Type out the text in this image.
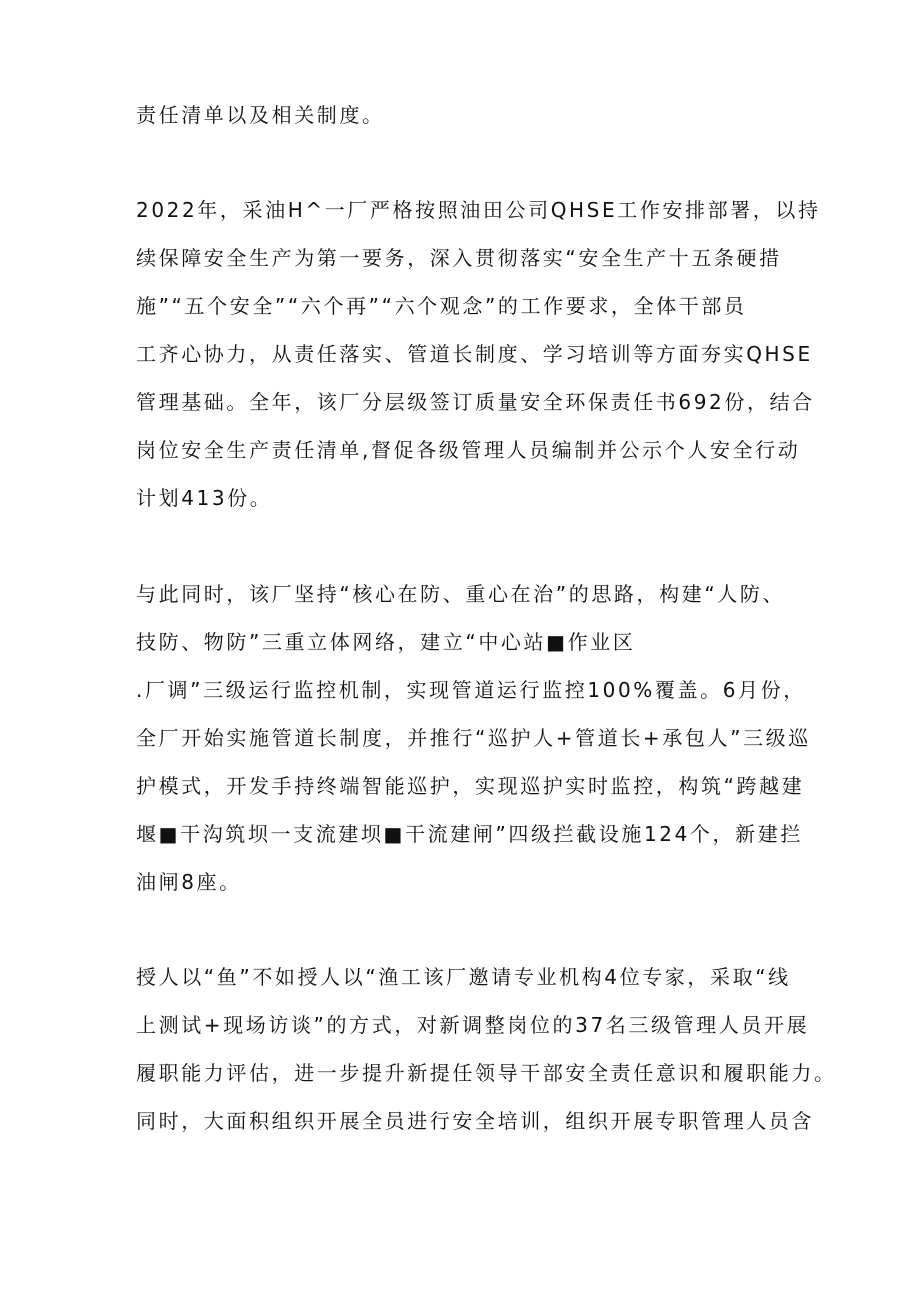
责任清单以及相关制度。
2022年，采油H^一厂严格按照油田公司QHSE工作安排部署，以持
续保障安全生产为第一要务，深入贯彻落实“安全生产十五条硬措
施”“五个安全”“六个再”“六个观念”的工作要求，全体干部员
工齐心协力，从责任落实、管道长制度、学习培训等方面夯实QHSE
管理基础。全年，该厂分层级签订质量安全环保责任书692份，结合
岗位安全生产责任清单,督促各级管理人员编制并公示个人安全行动
计划413份。
与此同时，该厂坚持“核心在防、重心在治”的思路，构建“人防、
技防、物防”三重立体网络，建立“中心站■作业区
.厂调”三级运行监控机制，实现管道运行监控100%覆盖。6月份，
全厂开始实施管道长制度，并推行“巡护人+管道长+承包人”三级巡
护模式，开发手持终端智能巡护，实现巡护实时监控，构筑“跨越建
堰■干沟筑坝一支流建坝■干流建闸”四级拦截设施124个，新建拦
油闸8座。
授人以“鱼”不如授人以“渔工该厂邀请专业机构4位专家，采取“线
上测试+现场访谈”的方式，对新调整岗位的37名三级管理人员开展
履职能力评估，进一步提升新提任领导干部安全责任意识和履职能力。
同时，大面积组织开展全员进行安全培训，组织开展专职管理人员含
